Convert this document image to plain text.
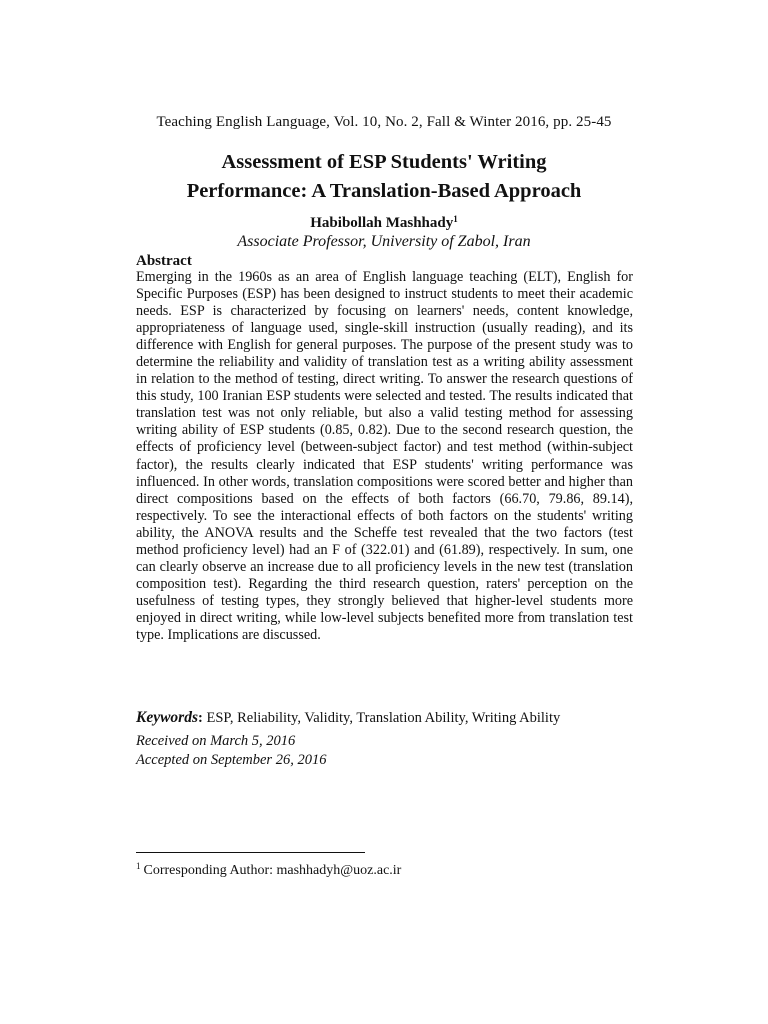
Teaching English Language, Vol. 10, No. 2, Fall & Winter 2016, pp. 25-45
Assessment of ESP Students' Writing
Performance: A Translation-Based Approach
Habibollah Mashhady$^1$
Associate Professor, University of Zabol, Iran
Abstract
Emerging in the 1960s as an area of English language teaching (ELT), English for Specific Purposes (ESP) has been designed to instruct students to meet their academic needs. ESP is characterized by focusing on learners' needs, content knowledge, appropriateness of language used, single-skill instruction (usually reading), and its difference with English for general purposes. The purpose of the present study was to determine the reliability and validity of translation test as a writing ability assessment in relation to the method of testing, direct writing. To answer the research questions of this study, 100 Iranian ESP students were selected and tested. The results indicated that translation test was not only reliable, but also a valid testing method for assessing writing ability of ESP students (0.85, 0.82). Due to the second research question, the effects of proficiency level (between-subject factor) and test method (within-subject factor), the results clearly indicated that ESP students' writing performance was influenced. In other words, translation compositions were scored better and higher than direct compositions based on the effects of both factors (66.70, 79.86, 89.14), respectively. To see the interactional effects of both factors on the students' writing ability, the ANOVA results and the Scheffe test revealed that the two factors (test method proficiency level) had an F of (322.01) and (61.89), respectively. In sum, one can clearly observe an increase due to all proficiency levels in the new test (translation composition test). Regarding the third research question, raters' perception on the usefulness of testing types, they strongly believed that higher-level students more enjoyed in direct writing, while low-level subjects benefited more from translation test type. Implications are discussed.
Keywords: ESP, Reliability, Validity, Translation Ability, Writing Ability
Received on March 5, 2016
Accepted on September 26, 2016
$^1$ Corresponding Author: mashhadyh@uoz.ac.ir
